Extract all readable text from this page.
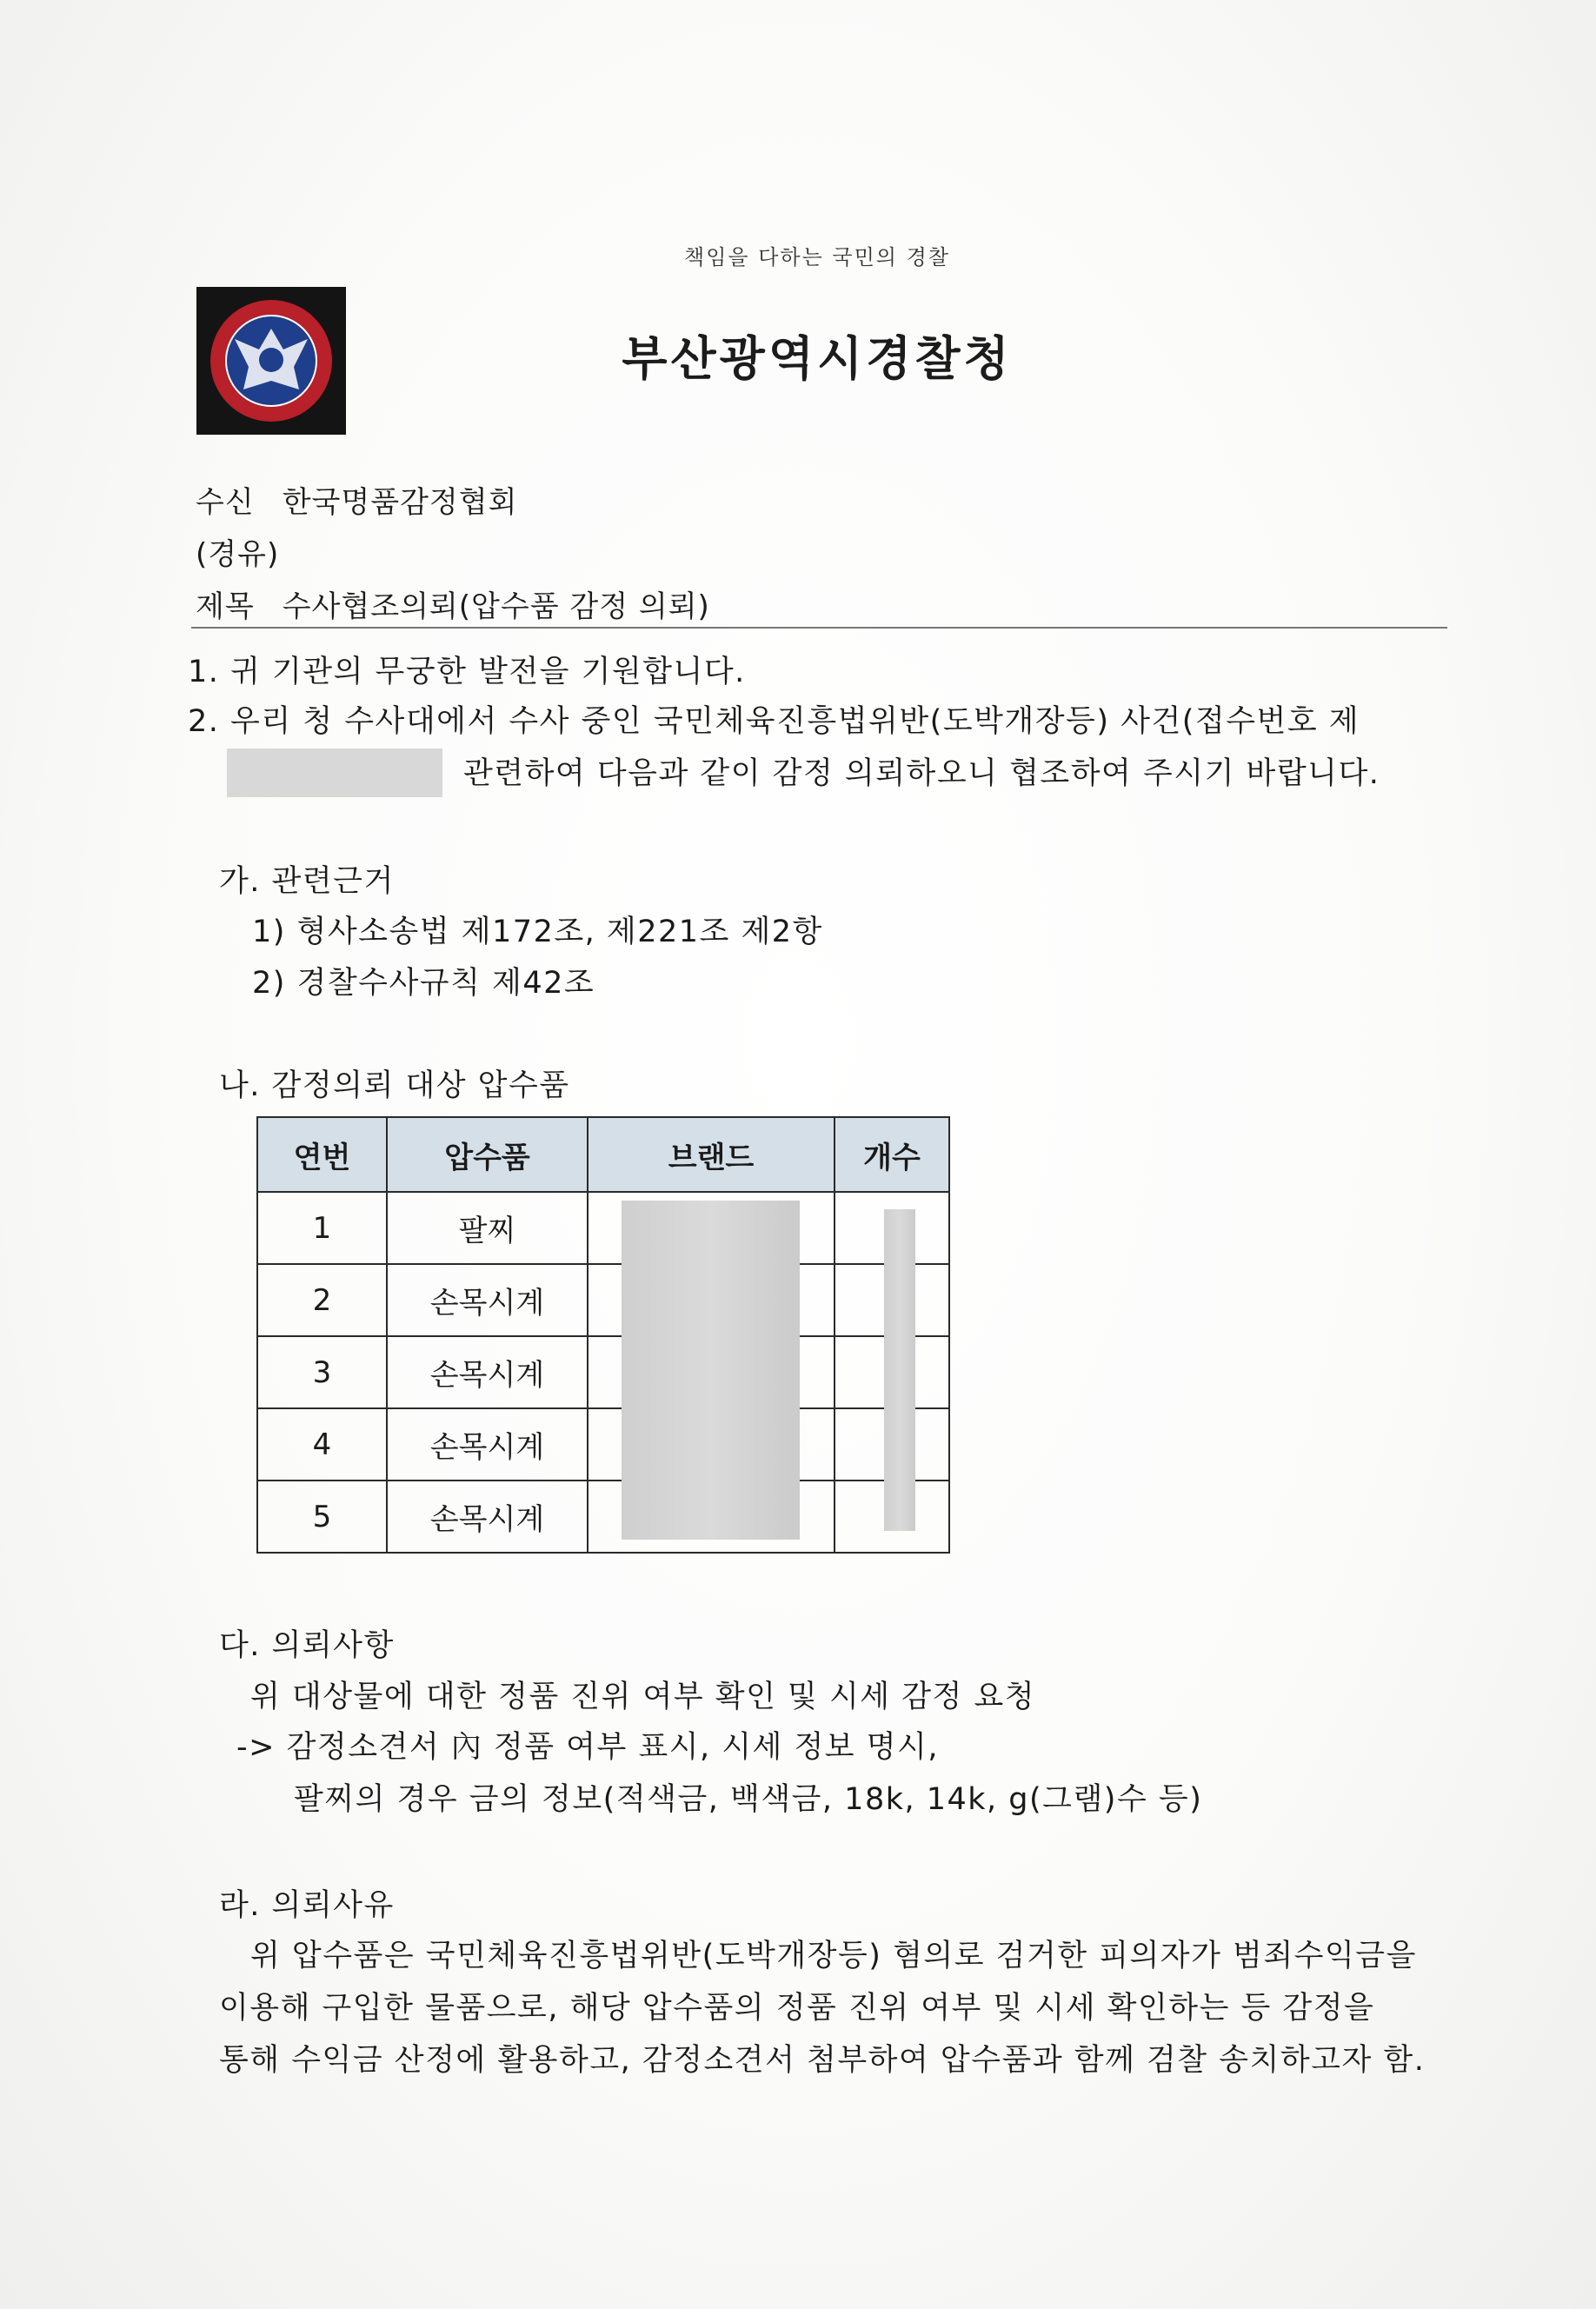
책임을 다하는 국민의 경찰
부산광역시경찰청
수신 한국명품감정협회
(경유)
제목 수사협조의뢰(압수품 감정 의뢰)
1. 귀 기관의 무궁한 발전을 기원합니다.
2. 우리 청 수사대에서 수사 중인 국민체육진흥법위반(도박개장등) 사건(접수번호 제
관련하여 다음과 같이 감정 의뢰하오니 협조하여 주시기 바랍니다.
가. 관련근거
1) 형사소송법 제172조, 제221조 제2항
2) 경찰수사규칙 제42조
나. 감정의뢰 대상 압수품
연번	압수품	브랜드	개수
1	팔찌		
2	손목시계		
3	손목시계		
4	손목시계		
5	손목시계		
다. 의뢰사항
위 대상물에 대한 정품 진위 여부 확인 및 시세 감정 요청
-> 감정소견서 內 정품 여부 표시, 시세 정보 명시,
팔찌의 경우 금의 정보(적색금, 백색금, 18k, 14k, g(그램)수 등)
라. 의뢰사유
위 압수품은 국민체육진흥법위반(도박개장등) 혐의로 검거한 피의자가 범죄수익금을
이용해 구입한 물품으로, 해당 압수품의 정품 진위 여부 및 시세 확인하는 등 감정을
통해 수익금 산정에 활용하고, 감정소견서 첨부하여 압수품과 함께 검찰 송치하고자 함.
